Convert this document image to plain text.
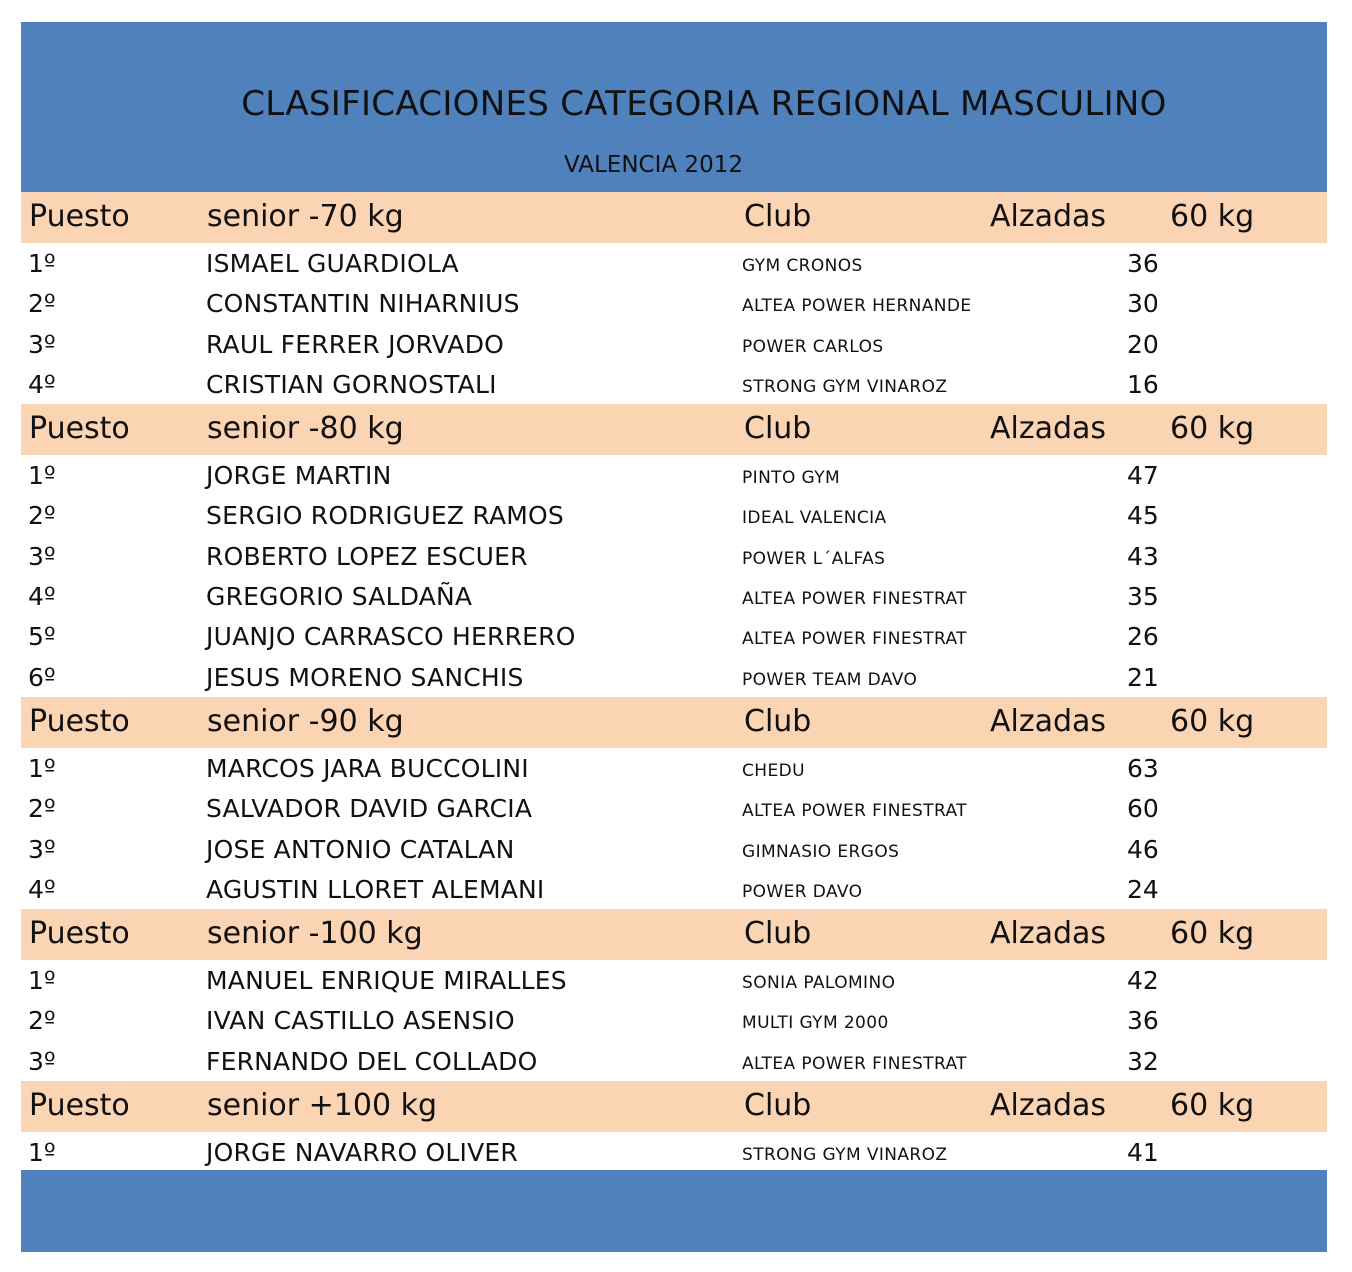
CLASIFICACIONES CATEGORIA REGIONAL MASCULINO
VALENCIA 2012
Puesto	senior -70 kg	Club	Alzadas 60 kg
1º	ISMAEL GUARDIOLA	GYM CRONOS	36
2º	CONSTANTIN NIHARNIUS	ALTEA POWER HERNANDE	30
3º	RAUL FERRER JORVADO	POWER CARLOS	20
4º	CRISTIAN GORNOSTALI	STRONG GYM VINAROZ	16
Puesto	senior -80 kg	Club	Alzadas 60 kg
1º	JORGE MARTIN	PINTO GYM	47
2º	SERGIO RODRIGUEZ RAMOS	IDEAL VALENCIA	45
3º	ROBERTO LOPEZ ESCUER	POWER L´ALFAS	43
4º	GREGORIO SALDAÑA	ALTEA POWER FINESTRAT	35
5º	JUANJO CARRASCO HERRERO	ALTEA POWER FINESTRAT	26
6º	JESUS MORENO SANCHIS	POWER TEAM DAVO	21
Puesto	senior -90 kg	Club	Alzadas 60 kg
1º	MARCOS JARA BUCCOLINI	CHEDU	63
2º	SALVADOR DAVID GARCIA	ALTEA POWER FINESTRAT	60
3º	JOSE ANTONIO CATALAN	GIMNASIO ERGOS	46
4º	AGUSTIN LLORET ALEMANI	POWER DAVO	24
Puesto	senior -100 kg	Club	Alzadas 60 kg
1º	MANUEL ENRIQUE MIRALLES	SONIA PALOMINO	42
2º	IVAN CASTILLO ASENSIO	MULTI GYM 2000	36
3º	FERNANDO DEL COLLADO	ALTEA POWER FINESTRAT	32
Puesto	senior +100 kg	Club	Alzadas 60 kg
1º	JORGE NAVARRO OLIVER	STRONG GYM VINAROZ	41
